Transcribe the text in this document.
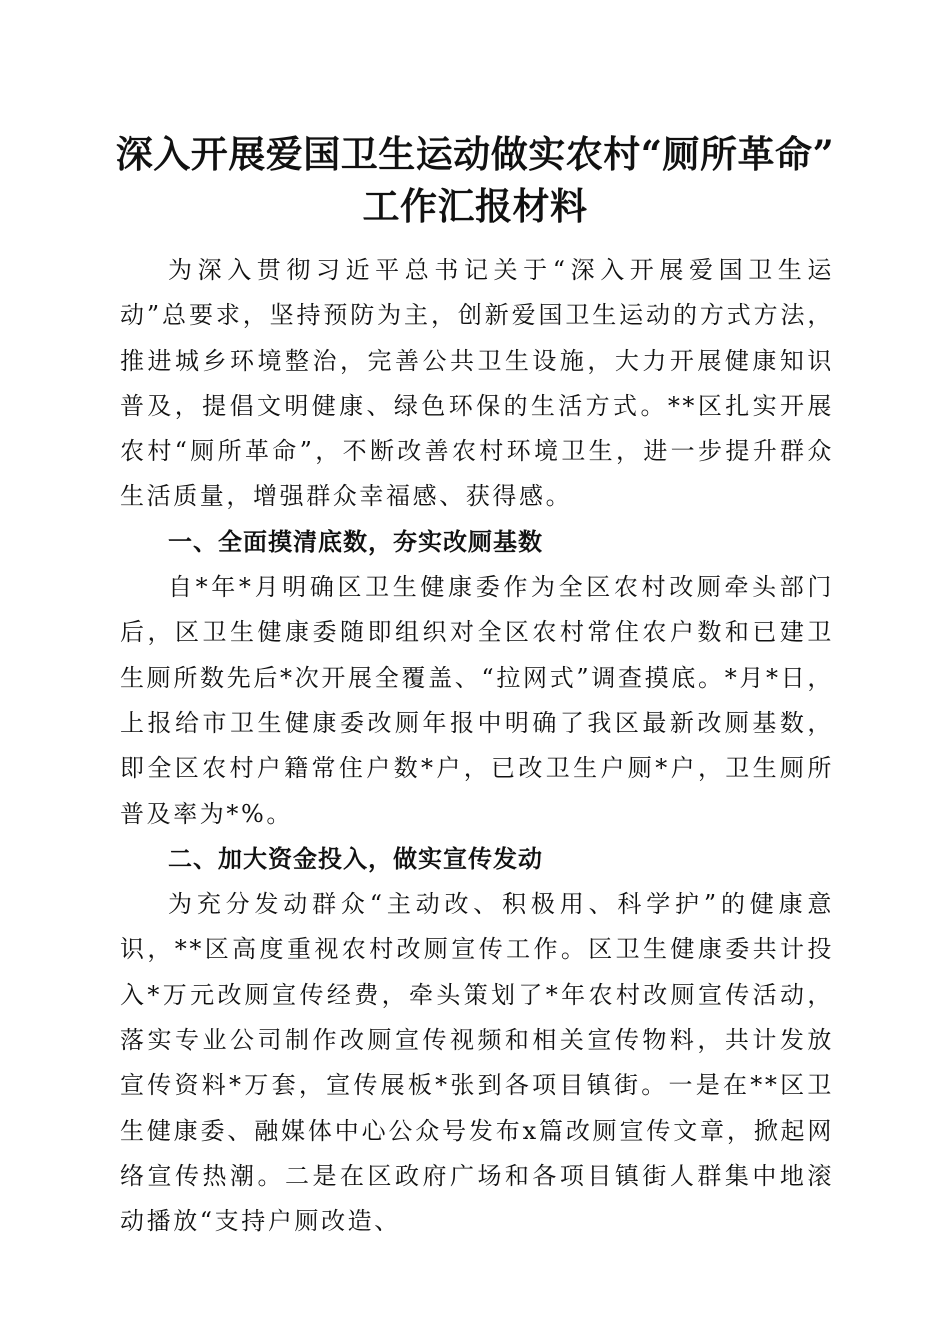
深入开展爱国卫生运动做实农村“厕所革命”
工作汇报材料

为深入贯彻习近平总书记关于“深入开展爱国卫生运动”总要求，坚持预防为主，创新爱国卫生运动的方式方法，推进城乡环境整治，完善公共卫生设施，大力开展健康知识普及，提倡文明健康、绿色环保的生活方式。**区扎实开展农村“厕所革命”，不断改善农村环境卫生，进一步提升群众生活质量，增强群众幸福感、获得感。

一、全面摸清底数，夯实改厕基数

自*年*月明确区卫生健康委作为全区农村改厕牵头部门后，区卫生健康委随即组织对全区农村常住农户数和已建卫生厕所数先后*次开展全覆盖、“拉网式”调查摸底。*月*日，上报给市卫生健康委改厕年报中明确了我区最新改厕基数，即全区农村户籍常住户数*户，已改卫生户厕*户，卫生厕所普及率为*%。

二、加大资金投入，做实宣传发动

为充分发动群众“主动改、积极用、科学护”的健康意识，**区高度重视农村改厕宣传工作。区卫生健康委共计投入*万元改厕宣传经费，牵头策划了*年农村改厕宣传活动，落实专业公司制作改厕宣传视频和相关宣传物料，共计发放宣传资料*万套，宣传展板*张到各项目镇街。一是在**区卫生健康委、融媒体中心公众号发布x篇改厕宣传文章，掀起网络宣传热潮。二是在区政府广场和各项目镇街人群集中地滚动播放“支持户厕改造、
